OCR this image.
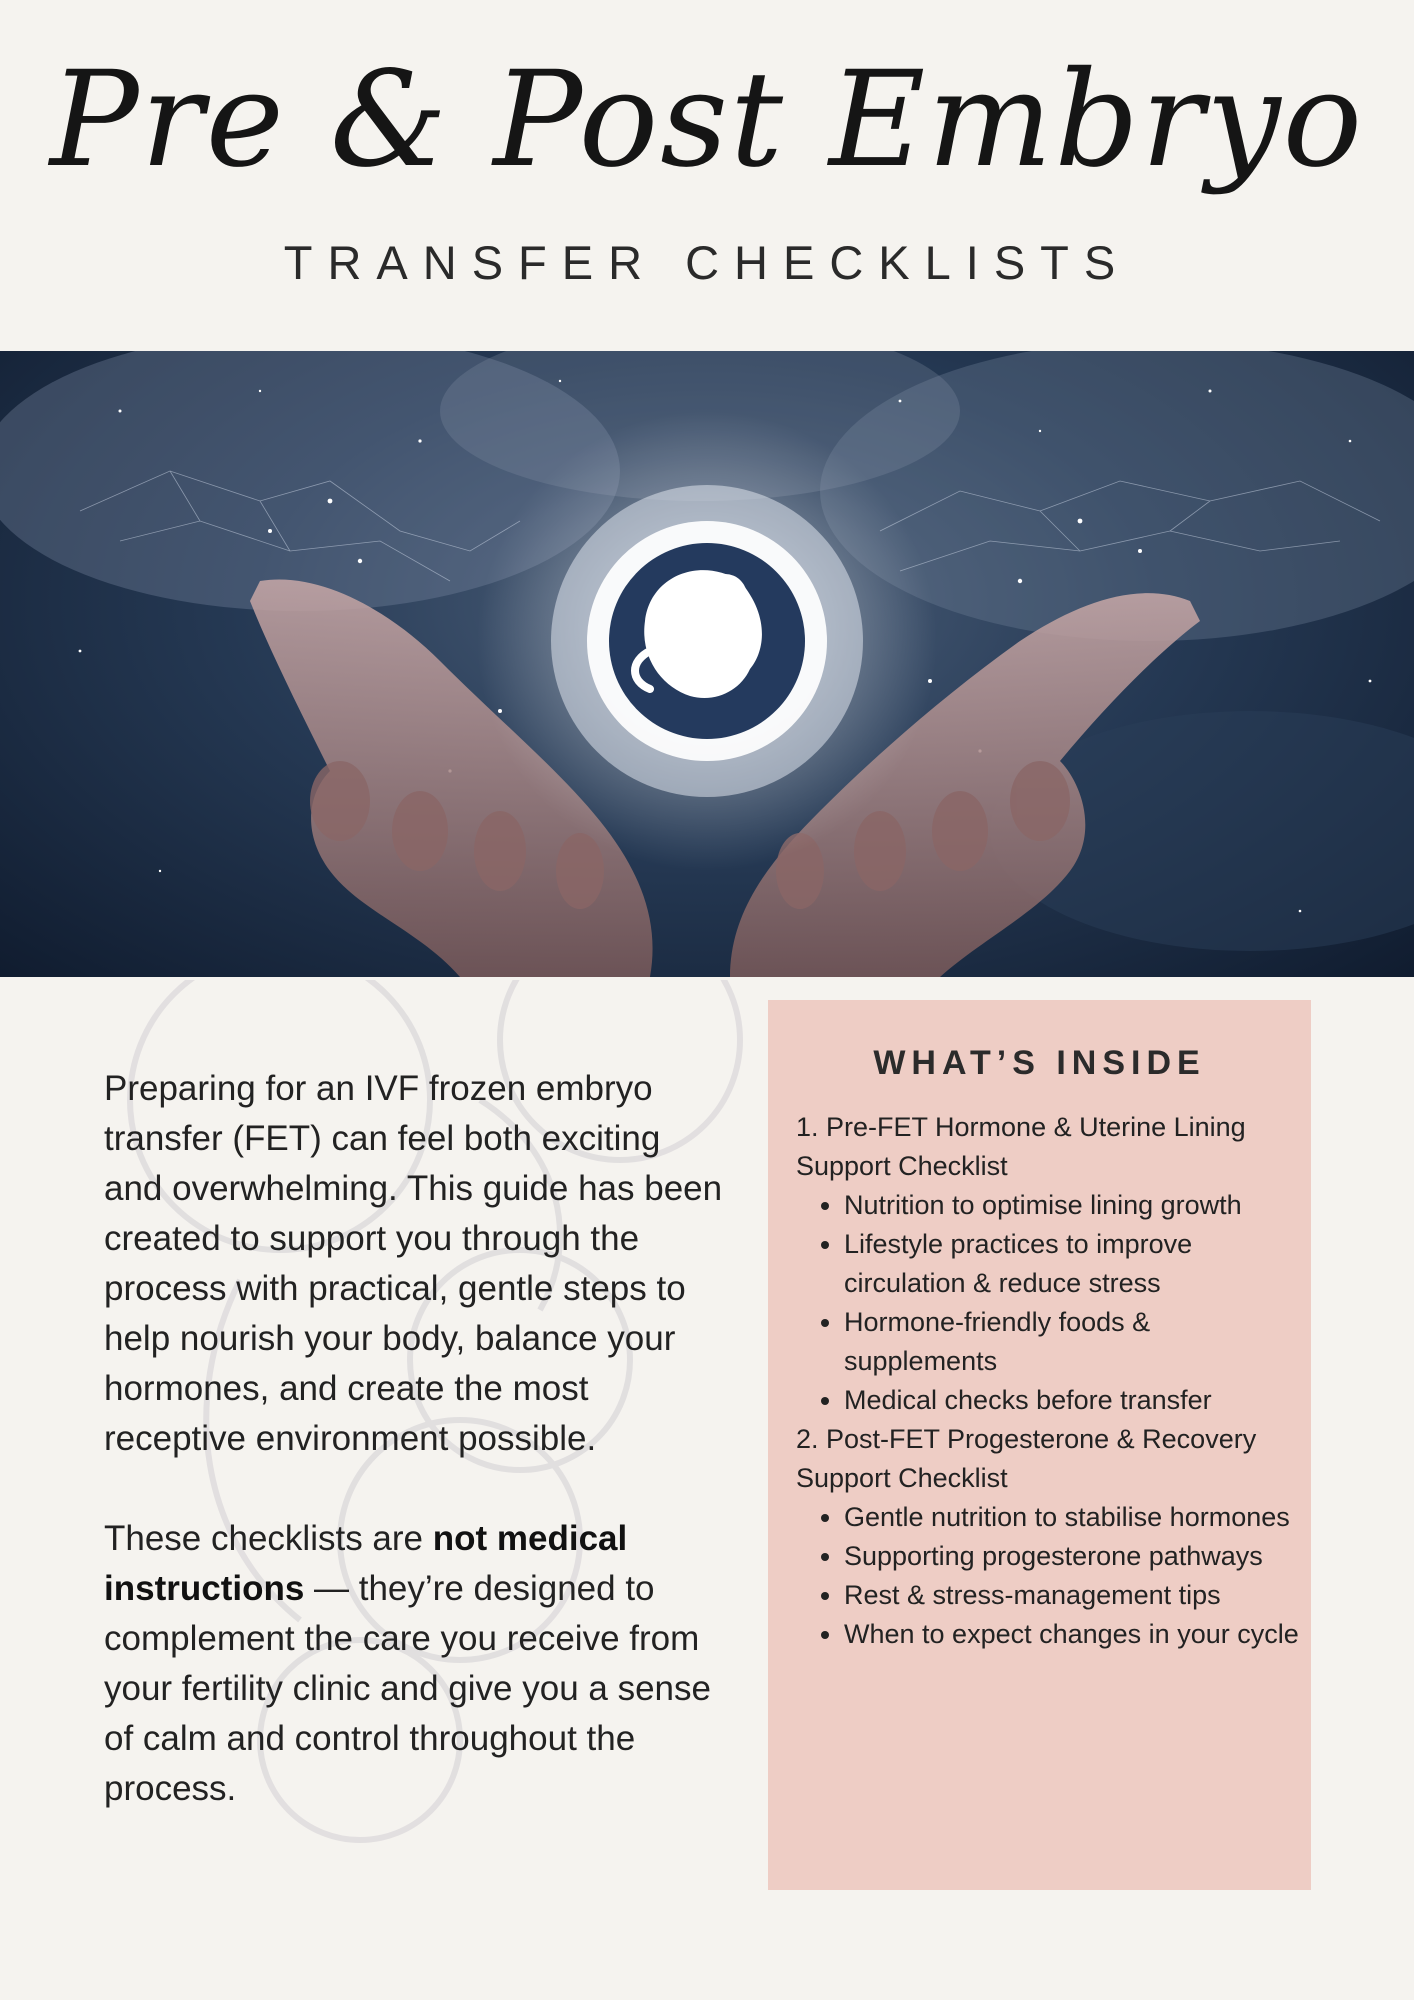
Pre & Post Embryo
TRANSFER CHECKLISTS

Preparing for an IVF frozen embryo transfer (FET) can feel both exciting and overwhelming. This guide has been created to support you through the process with practical, gentle steps to help nourish your body, balance your hormones, and create the most receptive environment possible.

These checklists are not medical instructions — they’re designed to complement the care you receive from your fertility clinic and give you a sense of calm and control throughout the process.

WHAT’S INSIDE

1. Pre-FET Hormone & Uterine Lining Support Checklist

• Nutrition to optimise lining growth
• Lifestyle practices to improve circulation & reduce stress
• Hormone-friendly foods & supplements
• Medical checks before transfer

2. Post-FET Progesterone & Recovery Support Checklist

• Gentle nutrition to stabilise hormones
• Supporting progesterone pathways
• Rest & stress-management tips
• When to expect changes in your cycle
